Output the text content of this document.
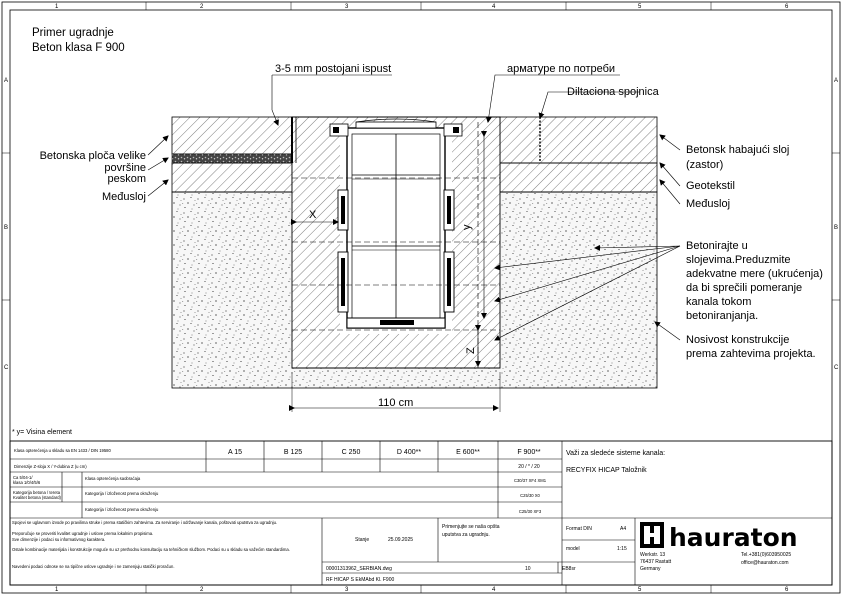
1	2	3	4	5	6
1	2	3	4	5	6
A
B
C
A
B
C
Primer ugradnje
Beton klasa F 900
X
y
Z
110 cm
3-5 mm postojani ispust	арматуре по потреби
Diltaciona spojnica
Betonska ploča velike
površine
peskom
Međusloj
Betonsk habajući sloj
(zastor)
Geotekstil
Međusloj
Betonirajte u
slojevima.Preduzmite
adekvatne mere (ukrućenja)
da bi sprečili pomeranje
kanala tokom
betoniranjanja.
Nosivost konstrukcije
prema zahtevima projekta.
* y= Visina element
Klasa opterećenja u skladu sa EN 1433 / DIN 19580	A 15	B 125	C 250	D 400**	E 600**	F 900**
Dimenzije Z-sloja X / Y-dubina Z (u cm)	20 / * / 20
Ca 5/04-1/
klasa 1/0/4/5/6
Klasa opterećenja saobraćaja	C30/37 XF4 XM1
Kategorija betona / tereta
Kvalitet betona (standard)
Kategorija / izloženost prema okruženju	C25/30 X0
Kategorija / izloženost prema okruženju	C25/30 XF3
Važi za sledeće sisteme kanala:
RECYFIX HICAP Taložnik
Spojevi se uglavnom izvode po pravilima struke i prema statičkim zahtevima. Za serviranje i održavanje kanala, poštovati uputstva za ugradnju.
Preporučuje se proveriti kvalitet ugradnje i uslove prema lokalnim propisima.
Sve dimenzije i podaci su informativnog karaktera.
Ostale kombinacije materijala i konstrukcije moguće su uz prethodnu konsultaciju sa tehničkom službom. Podaci su u skladu sa važećim standardima.
Navedeni podaci odnose se na tipične uslove ugradnje i ne zamenjuju statički proračun.
Stanje	25.09.2025
Primenjujte se naša opšta
uputstva za ugradnju.
00001313962_SERBIAN.dwg	10	EB8sr
RF HICAP S EkMAbd Kl. F900
Format DIN	A4
model	1:15 hauraton
Werkstr. 13
76437 Rastatt
Germany
Tel.+381(0)603950025
office@hauraton.com
